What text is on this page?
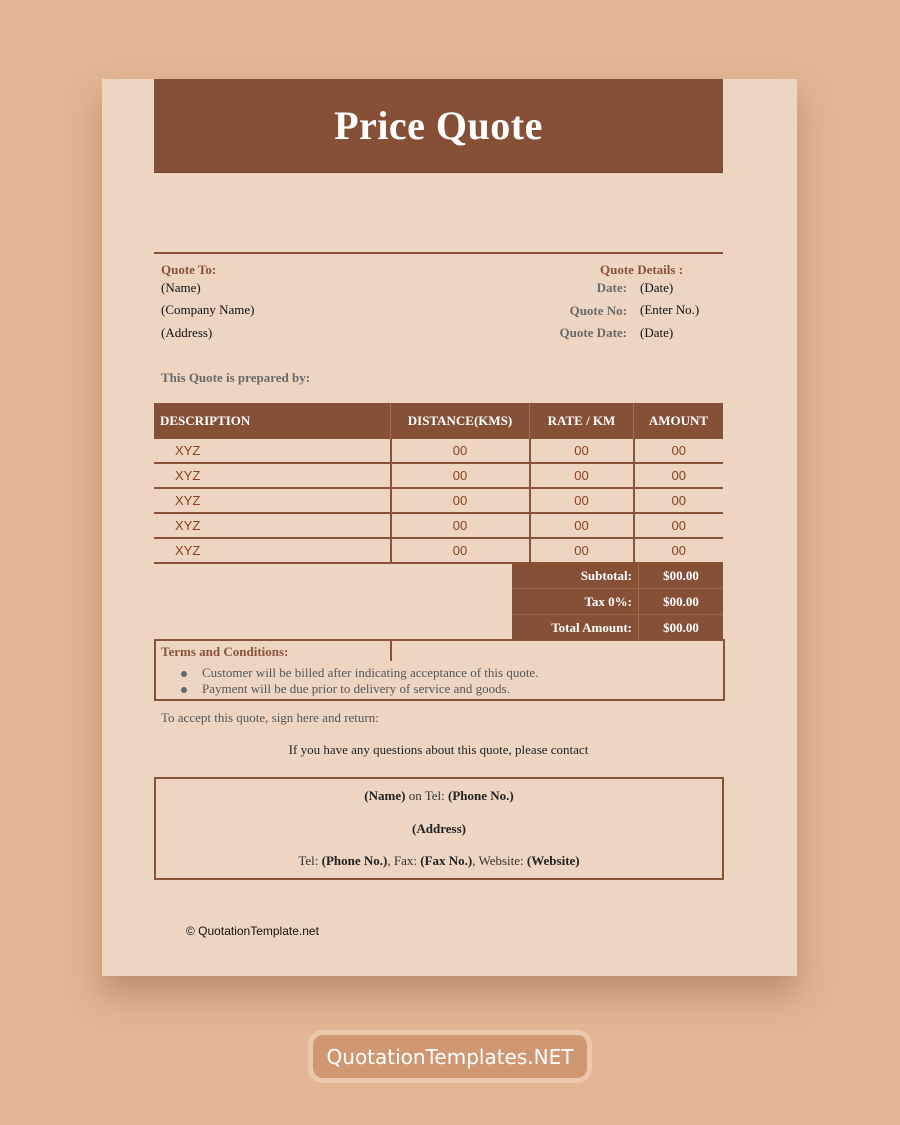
Price Quote
Quote To:
(Name)
(Company Name)
(Address)
Quote Details :
Date: (Date)
Quote No: (Enter No.)
Quote Date: (Date)
This Quote is prepared by:
DESCRIPTION	DISTANCE(KMS)	RATE / KM	AMOUNT
XYZ	00	00	00
XYZ	00	00	00
XYZ	00	00	00
XYZ	00	00	00
XYZ	00	00	00
Subtotal:	$00.00
Tax 0%:	$00.00
Total Amount:	$00.00
Terms and Conditions:
Customer will be billed after indicating acceptance of this quote.
Payment will be due prior to delivery of service and goods.
To accept this quote, sign here and return:
If you have any questions about this quote, please contact
(Name) on Tel: (Phone No.)
(Address)
Tel: (Phone No.), Fax: (Fax No.), Website: (Website)
© QuotationTemplate.net
QuotationTemplates.NET
